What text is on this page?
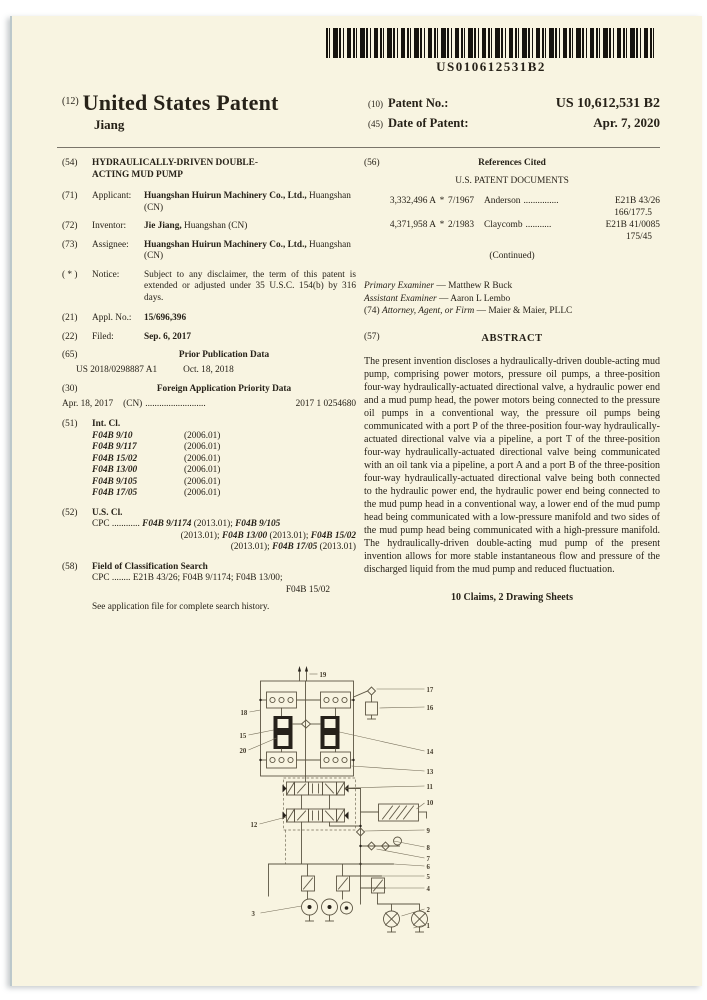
US010612531B2
$^{(12)}$ United States Patent
Jiang
(10) Patent No.:	US 10,612,531 B2
(45) Date of Patent:	Apr. 7, 2020
(54)	HYDRAULICALLY-DRIVEN DOUBLE-ACTING MUD PUMP
(71)	Applicant:	Huangshan Huirun Machinery Co., Ltd., Huangshan (CN)
(72)	Inventor:	Jie Jiang, Huangshan (CN)
(73)	Assignee:	Huangshan Huirun Machinery Co., Ltd., Huangshan (CN)
( * )	Notice:	Subject to any disclaimer, the term of this patent is extended or adjusted under 35 U.S.C. 154(b) by 316 days.
(21)	Appl. No.:	15/696,396
(22)	Filed:	Sep. 6, 2017
(65)	Prior Publication Data
US 2018/0298887 A1	Oct. 18, 2018
(30)	Foreign Application Priority Data
Apr. 18, 2017 (CN) ..........................	2017 1 0254680
(51)	Int. Cl.
F04B 9/10	(2006.01)
F04B 9/117	(2006.01)
F04B 15/02	(2006.01)
F04B 13/00	(2006.01)
F04B 9/105	(2006.01)
F04B 17/05	(2006.01)
(52)	U.S. Cl.
CPC ............ F04B 9/1174 (2013.01); F04B 9/105
(2013.01); F04B 13/00 (2013.01); F04B 15/02
(2013.01); F04B 17/05 (2013.01)
(58)	Field of Classification Search
CPC ........ E21B 43/26; F04B 9/1174; F04B 13/00;
F04B 15/02
See application file for complete search history.
(56)	References Cited
U.S. PATENT DOCUMENTS
3,332,496 A * 7/1967	Anderson ...............	E21B 43/26
166/177.5
4,371,958 A * 2/1983	Claycomb ...........	E21B 41/0085
175/45
(Continued)
Primary Examiner — Matthew R Buck
Assistant Examiner — Aaron L Lembo
(74) Attorney, Agent, or Firm — Maier & Maier, PLLC
(57)	ABSTRACT
The present invention discloses a hydraulically-driven double-acting mud pump, comprising power motors, pressure oil pumps, a three-position four-way hydraulically-actuated directional valve, a hydraulic power end and a mud pump head, the power motors being connected to the pressure oil pumps in a conventional way, the pressure oil pumps being communicated with a port P of the three-position four-way hydraulically-actuated directional valve via a pipeline, a port T of the three-position four-way hydraulically-actuated directional valve being communicated with an oil tank via a pipeline, a port A and a port B of the three-position four-way hydraulically-actuated directional valve being both connected to the hydraulic power end, the hydraulic power end being connected to the mud pump head in a conventional way, a lower end of the mud pump head being communicated with a low-pressure manifold and two sides of the mud pump head being communicated with a high-pressure manifold. The hydraulically-driven double-acting mud pump of the present invention allows for more stable instantaneous flow and pressure of the discharged liquid from the mud pump and reduced fluctuation.
10 Claims, 2 Drawing Sheets
19
18
15
20
12
3
17
16
14
13
11
10
9
8
7
6
5
4
2
1
